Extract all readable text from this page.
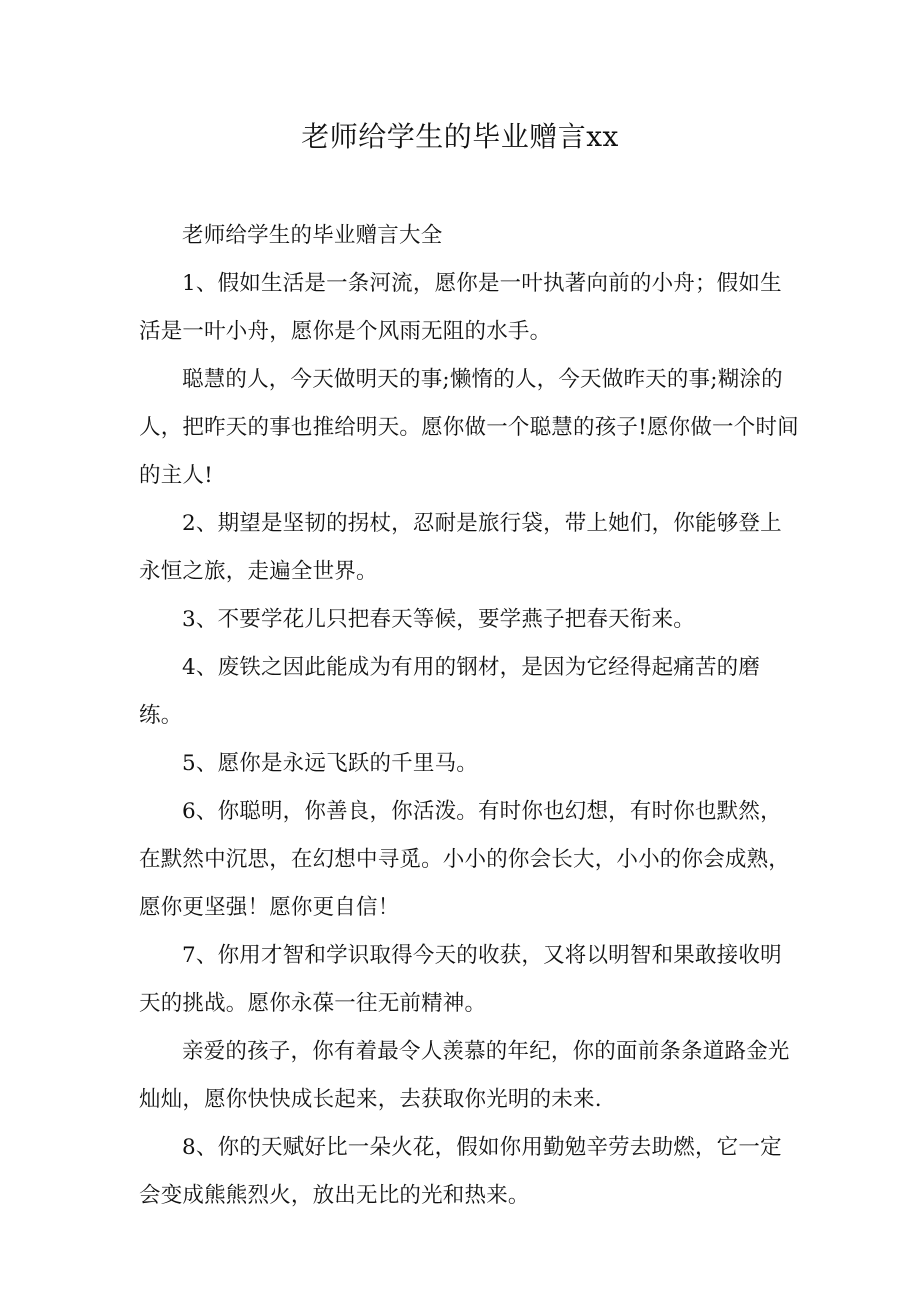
老师给学生的毕业赠言xx

老师给学生的毕业赠言大全

1、假如生活是一条河流，愿你是一叶执著向前的小舟；假如生活是一叶小舟，愿你是个风雨无阻的水手。

聪慧的人，今天做明天的事;懒惰的人，今天做昨天的事;糊涂的人，把昨天的事也推给明天。愿你做一个聪慧的孩子!愿你做一个时间的主人!

2、期望是坚韧的拐杖，忍耐是旅行袋，带上她们，你能够登上永恒之旅，走遍全世界。

3、不要学花儿只把春天等候，要学燕子把春天衔来。

4、废铁之因此能成为有用的钢材，是因为它经得起痛苦的磨练。

5、愿你是永远飞跃的千里马。

6、你聪明，你善良，你活泼。有时你也幻想，有时你也默然，在默然中沉思，在幻想中寻觅。小小的你会长大，小小的你会成熟，愿你更坚强！愿你更自信！

7、你用才智和学识取得今天的收获，又将以明智和果敢接收明天的挑战。愿你永葆一往无前精神。

亲爱的孩子，你有着最令人羡慕的年纪，你的面前条条道路金光灿灿，愿你快快成长起来，去获取你光明的未来.

8、你的天赋好比一朵火花，假如你用勤勉辛劳去助燃，它一定会变成熊熊烈火，放出无比的光和热来。
